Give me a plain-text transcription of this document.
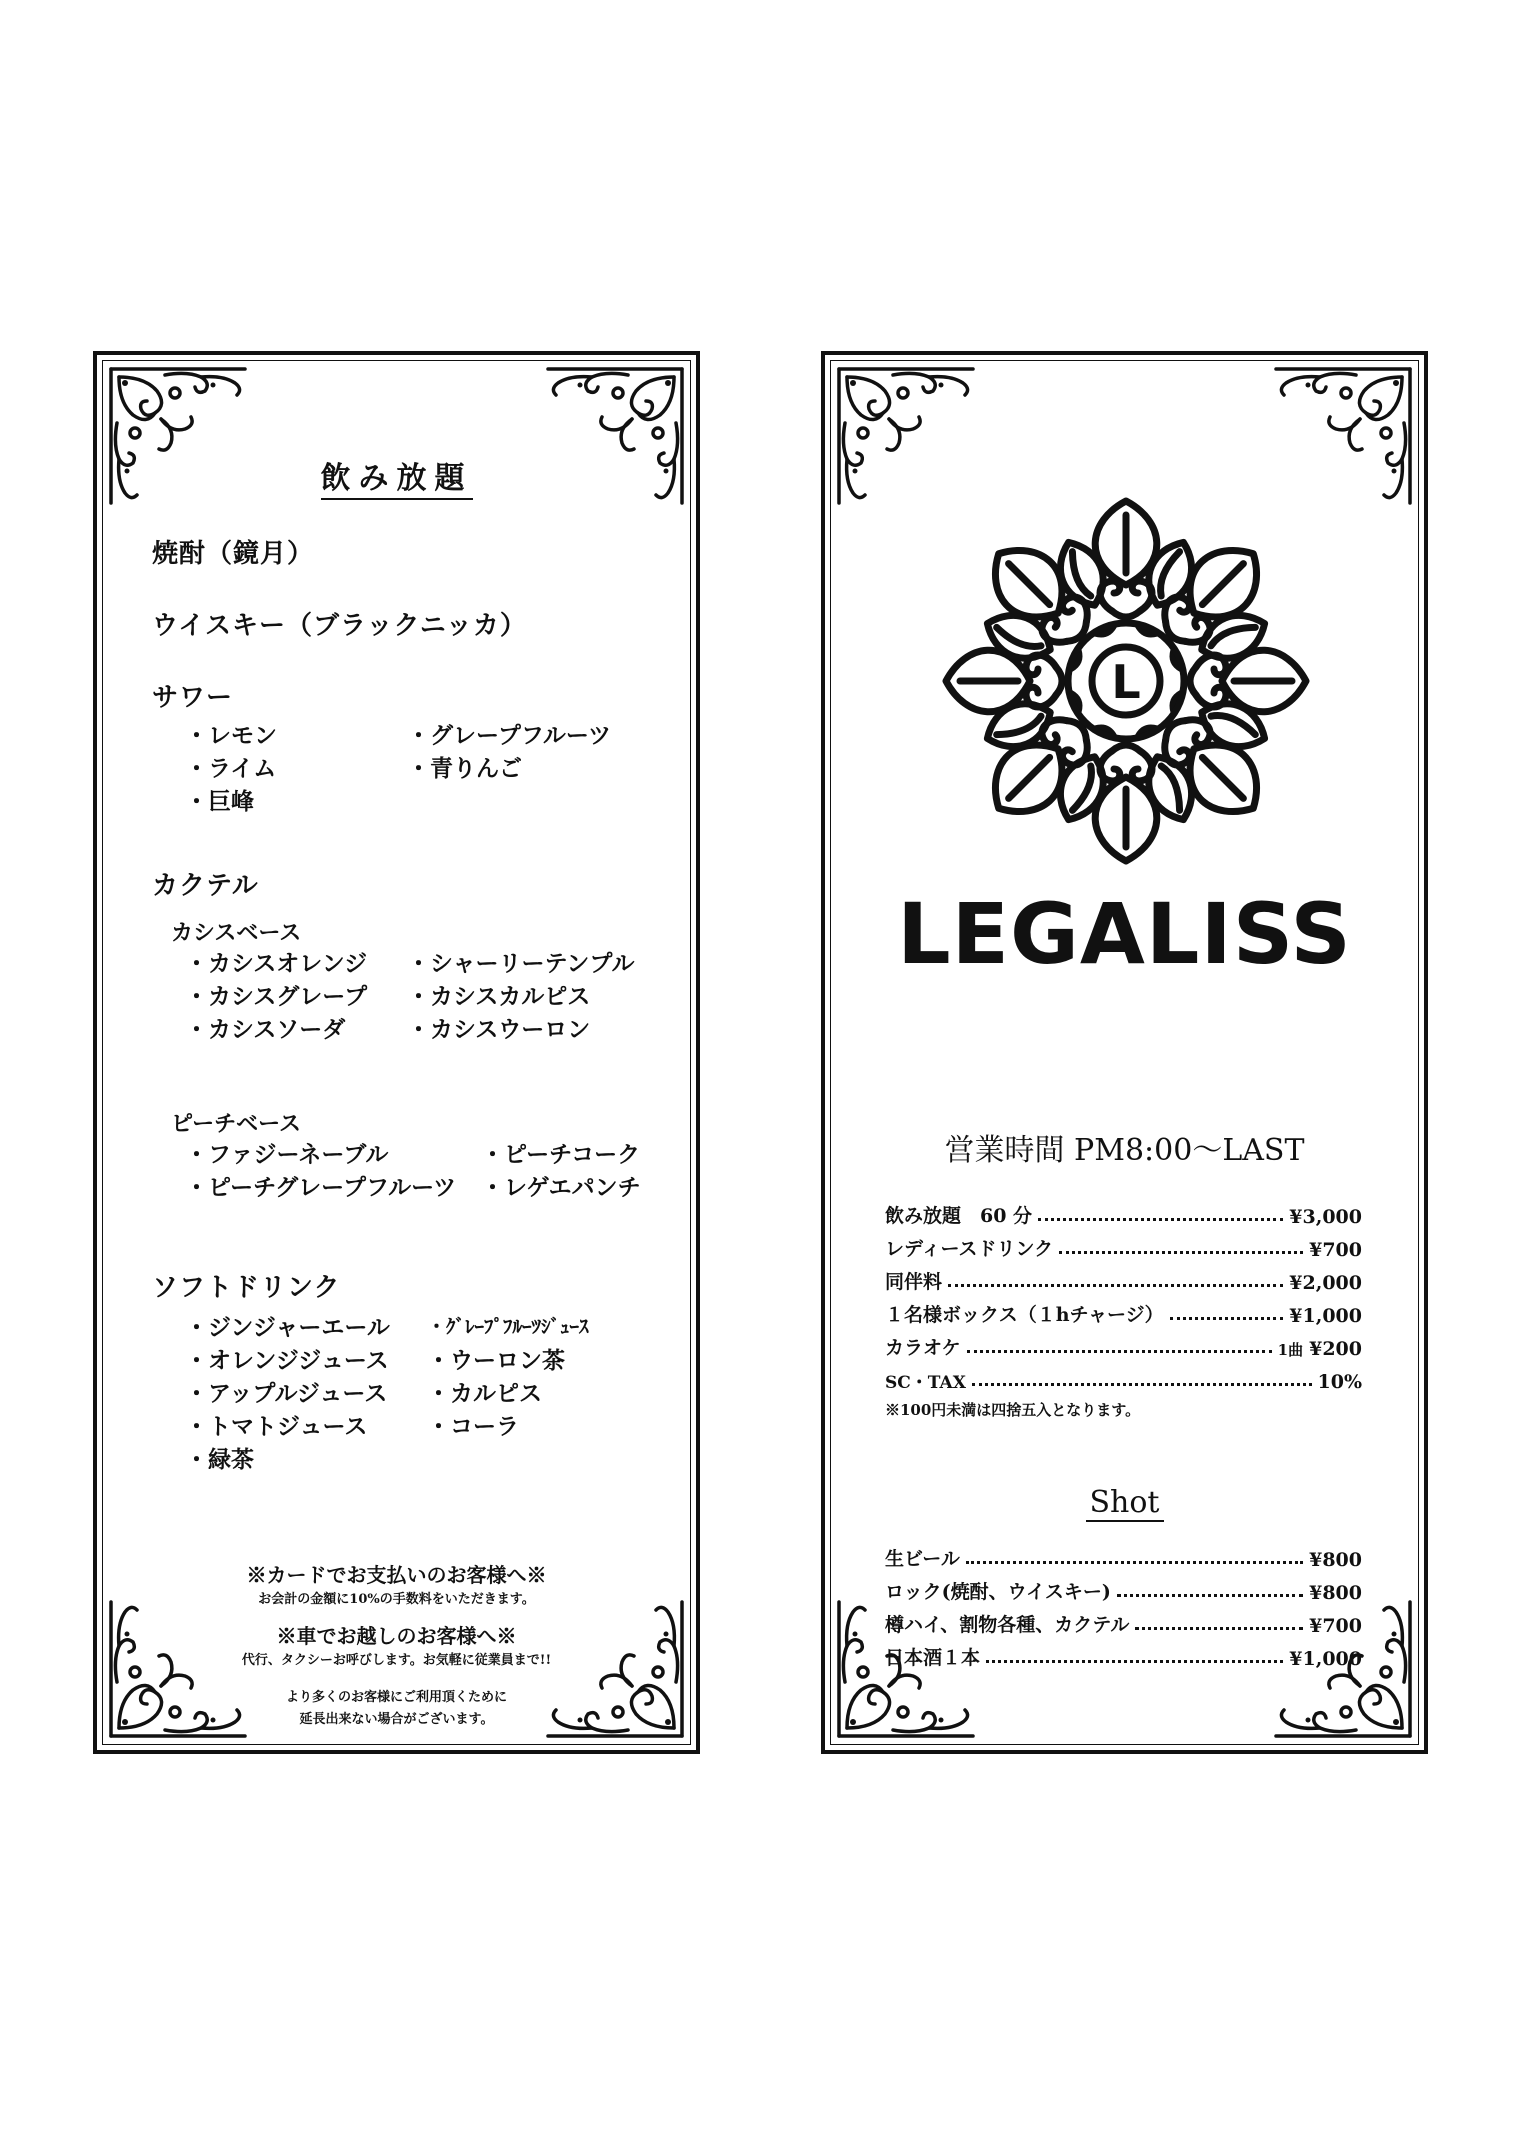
飲み放題
焼酎（鏡月）
ウイスキー（ブラックニッカ）
サワー
・ レモン	・ グレープフルーツ
・ ライム	・ 青りんご
・ 巨峰
カクテル
カシスベース
・ カシスオレンジ	・ シャーリーテンプル
・ カシスグレープ	・ カシスカルピス
・ カシスソーダ	・ カシスウーロン
ピーチベース
・ ファジーネーブル	・ ピーチコーク
・ ピーチグレープフルーツ	・ レゲエパンチ
ソフトドリンク
・ ジンジャーエール	・ ｸﾞﾚｰﾌﾟﾌﾙｰﾂｼﾞｭｰｽ
・ オレンジジュース	・ ウーロン茶
・ アップルジュース	・ カルピス
・ トマトジュース	・ コーラ
・ 緑茶
※カードでお支払いのお客様へ※
お会計の金額に10%の手数料をいただきます。
※車でお越しのお客様へ※
代行、タクシーお呼びします。お気軽に従業員まで!!
より多くのお客様にご利用頂くために
延長出来ない場合がございます。
L
LEGALISS
営業時間 PM8:00～LAST
飲み放題　60 分	¥3,000
レディースドリンク	¥700
同伴料	¥2,000
１名様ボックス（１hチャージ）	¥1,000
カラオケ	1曲 ¥200
SC・TAX	10%
※100円未満は四捨五入となります。
Shot
生ビール	¥800
ロック(焼酎、ウイスキー)	¥800
樽ハイ、割物各種、カクテル	¥700
日本酒１本	¥1,000
